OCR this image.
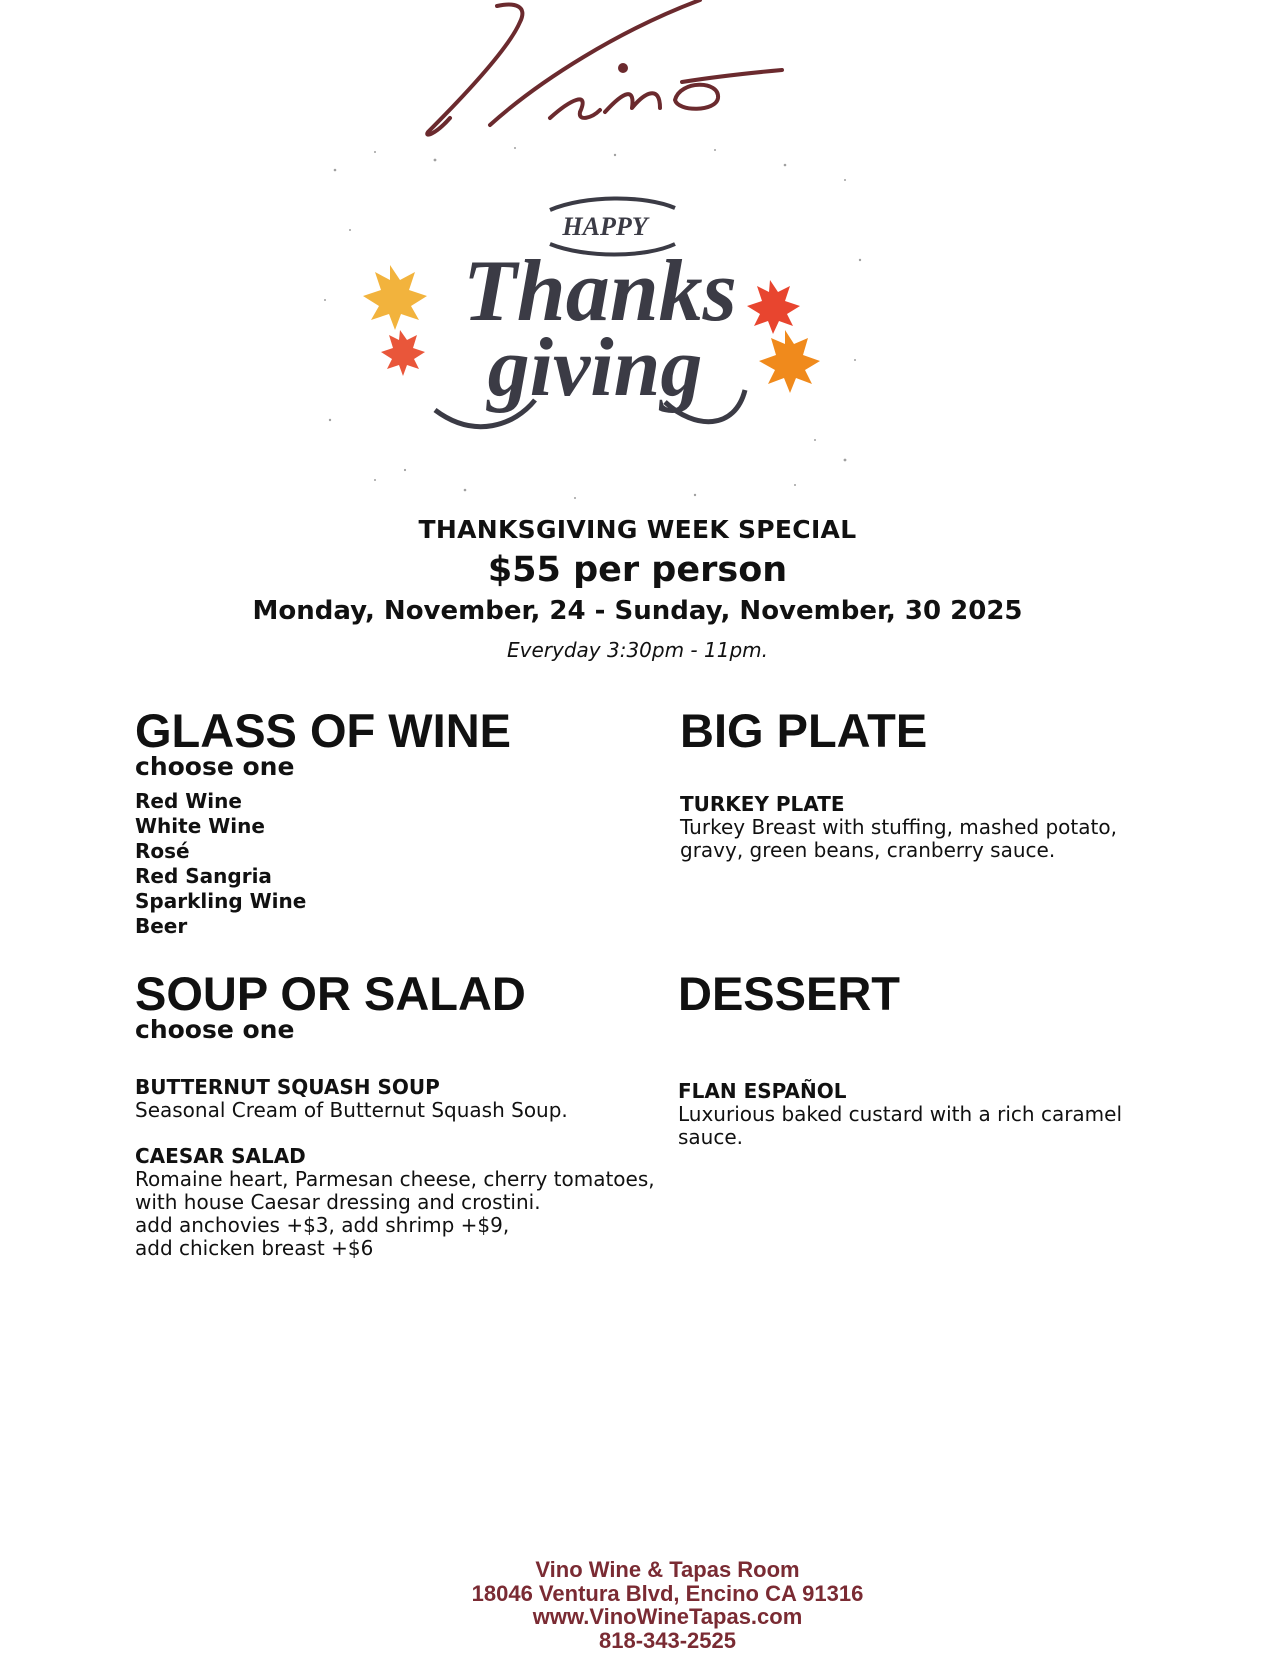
HAPPY
Thanks
giving
THANKSGIVING WEEK SPECIAL
$55 per person
Monday, November, 24 - Sunday, November, 30 2025
Everyday 3:30pm - 11pm.
GLASS OF WINE
choose one
Red Wine
White Wine
Rosé
Red Sangria
Sparkling Wine
Beer
BIG PLATE
TURKEY PLATE
Turkey Breast with stuffing, mashed potato, gravy, green beans, cranberry sauce.
SOUP OR SALAD
choose one
BUTTERNUT SQUASH SOUP
Seasonal Cream of Butternut Squash Soup.
CAESAR SALAD
Romaine heart, Parmesan cheese, cherry tomatoes, with house Caesar dressing and crostini.
add anchovies +$3, add shrimp +$9,
add chicken breast +$6
DESSERT
FLAN ESPAÑOL
Luxurious baked custard with a rich caramel sauce.
Vino Wine & Tapas Room
18046 Ventura Blvd, Encino CA 91316
www.VinoWineTapas.com
818-343-2525
